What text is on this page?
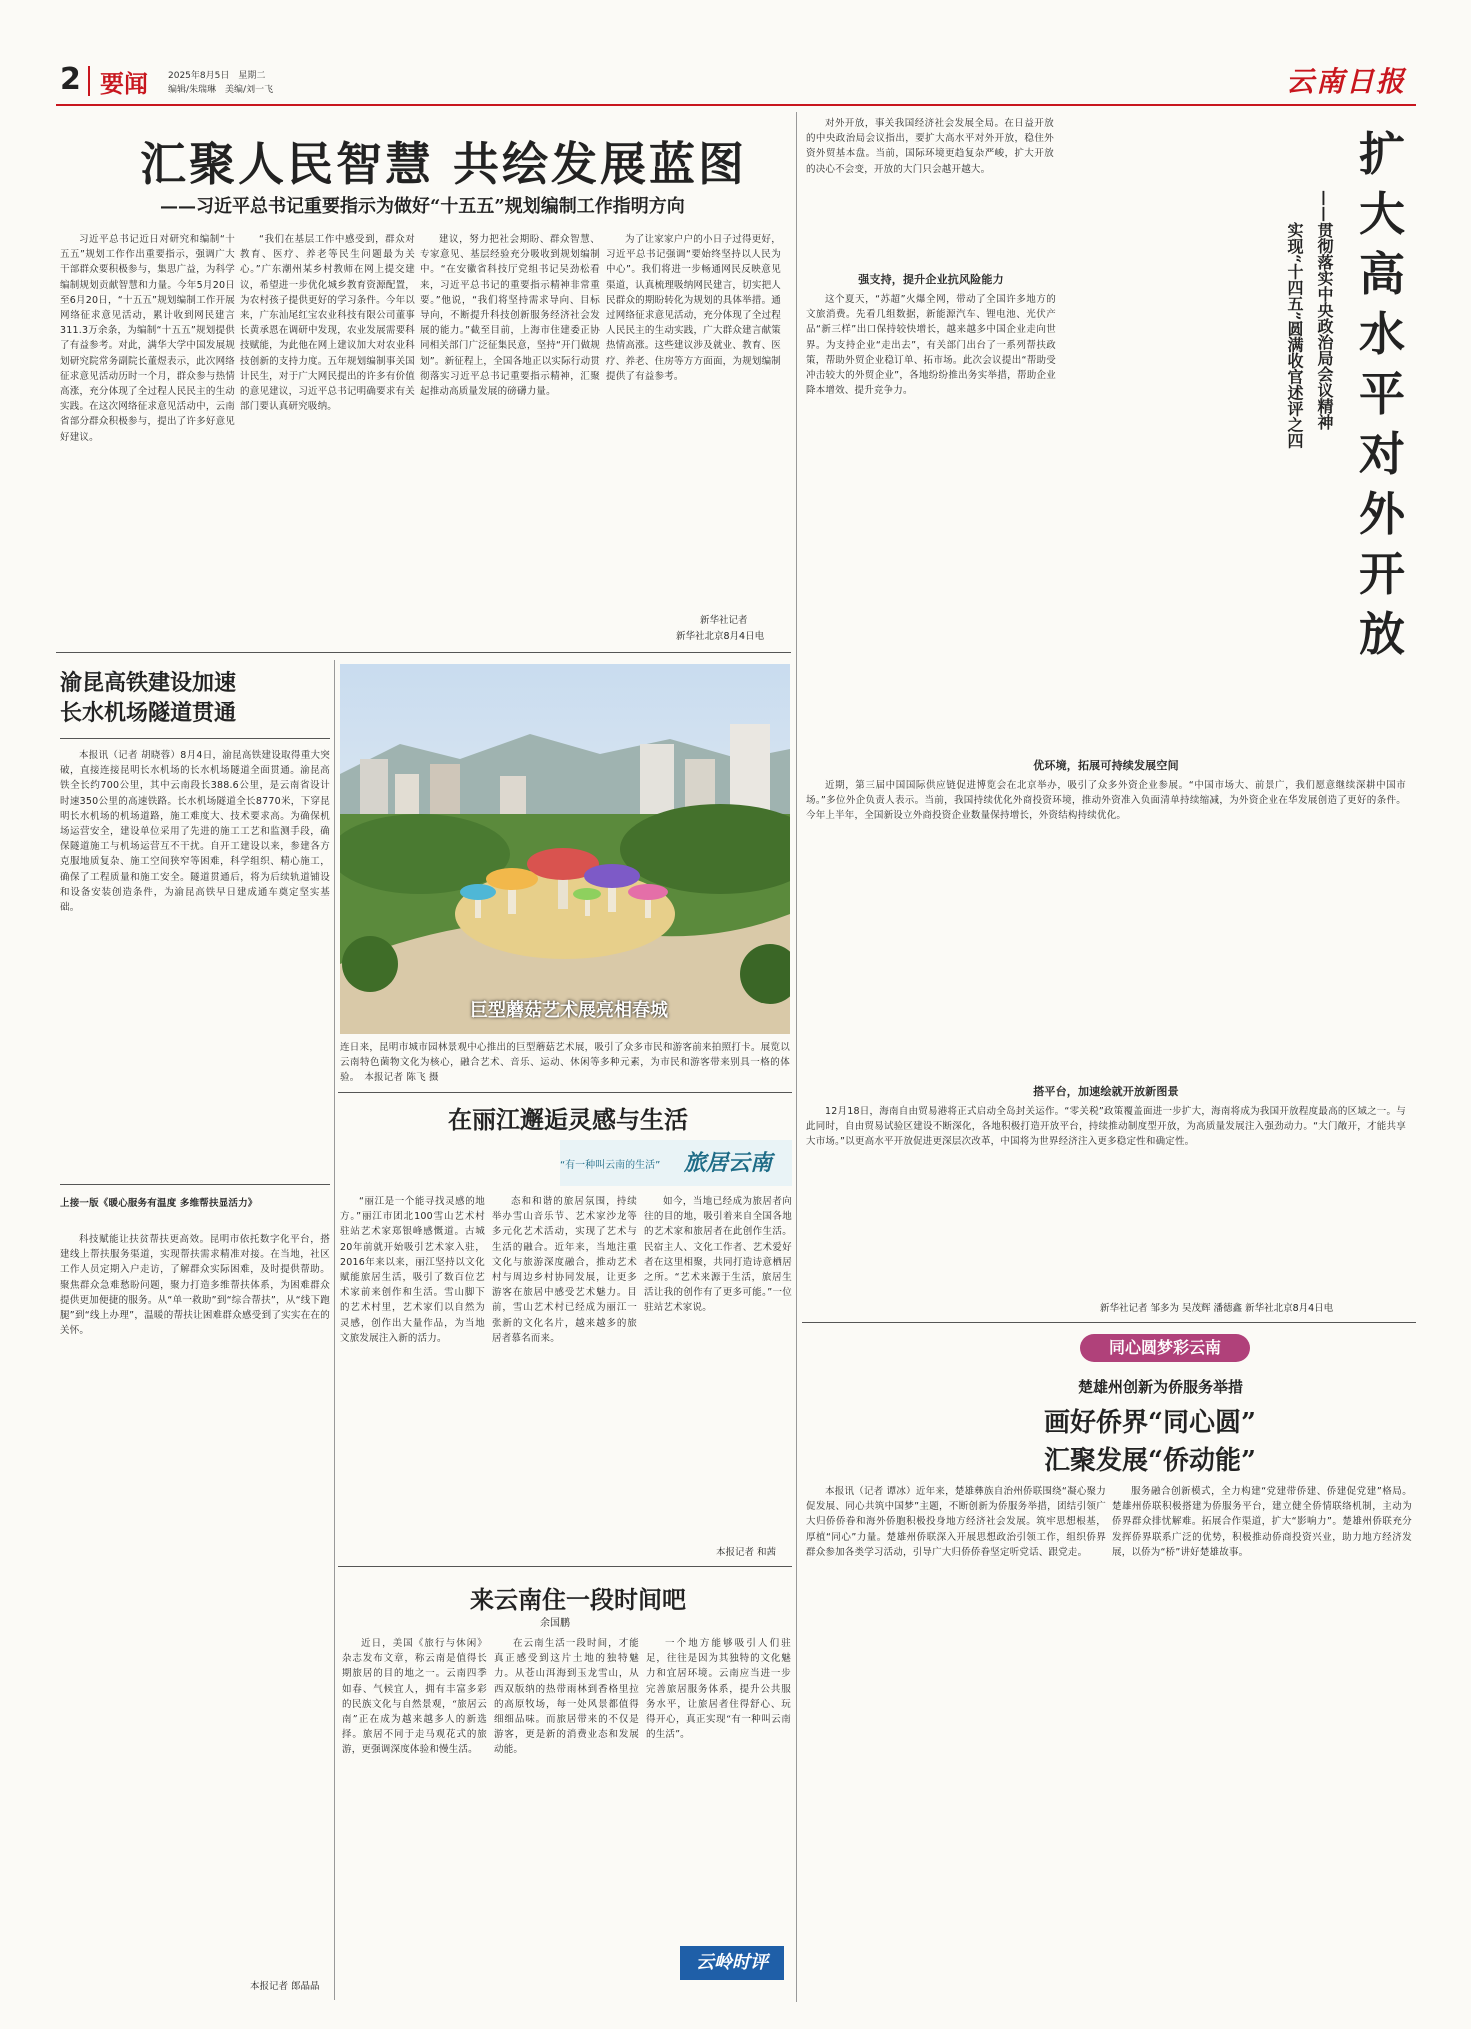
2 要闻 2025年8月5日　星期二
编辑/朱瑞琳　美编/刘一飞	云南日报
汇聚人民智慧 共绘发展蓝图
——习近平总书记重要指示为做好“十五五”规划编制工作指明方向

习近平总书记近日对研究和编制“十五五”规划工作作出重要指示，强调广大干部群众要积极参与，集思广益，为科学编制规划贡献智慧和力量。今年5月20日至6月20日，“十五五”规划编制工作开展网络征求意见活动，累计收到网民建言311.3万余条，为编制“十五五”规划提供了有益参考。对此，满华大学中国发展规划研究院常务副院长董煜表示，此次网络征求意见活动历时一个月，群众参与热情高涨，充分体现了全过程人民民主的生动实践。在这次网络征求意见活动中，云南省部分群众积极参与，提出了许多好意见好建议。

“我们在基层工作中感受到，群众对教育、医疗、养老等民生问题最为关心。”广东潮州某乡村教师在网上提交建议，希望进一步优化城乡教育资源配置，为农村孩子提供更好的学习条件。今年以来，广东汕尾红宝农业科技有限公司董事长黄承恩在调研中发现，农业发展需要科技赋能，为此他在网上建议加大对农业科技创新的支持力度。五年规划编制事关国计民生，对于广大网民提出的许多有价值的意见建议，习近平总书记明确要求有关部门要认真研究吸纳。

建议，努力把社会期盼、群众智慧、专家意见、基层经验充分吸收到规划编制中。“在安徽省科技厅党组书记吴劲松看来，习近平总书记的重要指示精神非常重要。”他说，“我们将坚持需求导向、目标导向，不断提升科技创新服务经济社会发展的能力。”截至目前，上海市住建委正协同相关部门广泛征集民意，坚持“开门做规划”。新征程上，全国各地正以实际行动贯彻落实习近平总书记重要指示精神，汇聚起推动高质量发展的磅礴力量。

为了让家家户户的小日子过得更好，习近平总书记强调“要始终坚持以人民为中心”。我们将进一步畅通网民反映意见渠道，认真梳理吸纳网民建言，切实把人民群众的期盼转化为规划的具体举措。通过网络征求意见活动，充分体现了全过程人民民主的生动实践，广大群众建言献策热情高涨。这些建议涉及就业、教育、医疗、养老、住房等方方面面，为规划编制提供了有益参考。

新华社记者
新华社北京8月4日电
渝昆高铁建设加速
长水机场隧道贯通

本报讯（记者 胡晓蓉）8月4日，渝昆高铁建设取得重大突破，直接连接昆明长水机场的长水机场隧道全面贯通。渝昆高铁全长约700公里，其中云南段长388.6公里，是云南省设计时速350公里的高速铁路。长水机场隧道全长8770米，下穿昆明长水机场的机场道路，施工难度大、技术要求高。为确保机场运营安全，建设单位采用了先进的施工工艺和监测手段，确保隧道施工与机场运营互不干扰。自开工建设以来，参建各方克服地质复杂、施工空间狭窄等困难，科学组织、精心施工，确保了工程质量和施工安全。隧道贯通后，将为后续轨道铺设和设备安装创造条件，为渝昆高铁早日建成通车奠定坚实基础。

上接一版《暖心服务有温度 多维帮扶显活力》

科技赋能让扶贫帮扶更高效。昆明市依托数字化平台，搭建线上帮扶服务渠道，实现帮扶需求精准对接。在当地，社区工作人员定期入户走访，了解群众实际困难，及时提供帮助。聚焦群众急难愁盼问题，聚力打造多维帮扶体系，为困难群众提供更加便捷的服务。从“单一救助”到“综合帮扶”，从“线下跑腿”到“线上办理”，温暖的帮扶让困难群众感受到了实实在在的关怀。

本报记者 郎晶晶
巨型蘑菇艺术展亮相春城
连日来，昆明市城市园林景观中心推出的巨型蘑菇艺术展，吸引了众多市民和游客前来拍照打卡。展览以云南特色菌物文化为核心，融合艺术、音乐、运动、休闲等多种元素，为市民和游客带来别具一格的体验。　 本报记者 陈飞 摄
在丽江邂逅灵感与生活
“有一种叫云南的生活” 旅居云南

“丽江是一个能寻找灵感的地方。”丽江市团北100雪山艺术村驻站艺术家郑银峰感慨道。古城20年前就开始吸引艺术家入驻，2016年来以来，丽江坚持以文化赋能旅居生活，吸引了数百位艺术家前来创作和生活。雪山脚下的艺术村里，艺术家们以自然为灵感，创作出大量作品，为当地文旅发展注入新的活力。

态和和谐的旅居氛围，持续举办雪山音乐节、艺术家沙龙等多元化艺术活动，实现了艺术与生活的融合。近年来，当地注重文化与旅游深度融合，推动艺术村与周边乡村协同发展，让更多游客在旅居中感受艺术魅力。目前，雪山艺术村已经成为丽江一张新的文化名片，越来越多的旅居者慕名而来。

如今，当地已经成为旅居者向往的目的地，吸引着来自全国各地的艺术家和旅居者在此创作生活。民宿主人、文化工作者、艺术爱好者在这里相聚，共同打造诗意栖居之所。“艺术来源于生活，旅居生活让我的创作有了更多可能。”一位驻站艺术家说。

本报记者 和茜
来云南住一段时间吧
余国鹏

近日，美国《旅行与休闲》杂志发布文章，称云南是值得长期旅居的目的地之一。云南四季如春、气候宜人，拥有丰富多彩的民族文化与自然景观，“旅居云南”正在成为越来越多人的新选择。旅居不同于走马观花式的旅游，更强调深度体验和慢生活。

在云南生活一段时间，才能真正感受到这片土地的独特魅力。从苍山洱海到玉龙雪山，从西双版纳的热带雨林到香格里拉的高原牧场，每一处风景都值得细细品味。而旅居带来的不仅是游客，更是新的消费业态和发展动能。

一个地方能够吸引人们驻足，往往是因为其独特的文化魅力和宜居环境。云南应当进一步完善旅居服务体系，提升公共服务水平，让旅居者住得舒心、玩得开心，真正实现“有一种叫云南的生活”。

云岭时评

对外开放，事关我国经济社会发展全局。在日益开放的中央政治局会议指出，要扩大高水平对外开放，稳住外资外贸基本盘。当前，国际环境更趋复杂严峻，扩大开放的决心不会变，开放的大门只会越开越大。	扩
大
高
水
平
对
外
开
放
——贯彻落实中央政治局会议精神
实现“十四五”圆满收官述评之四
强支持，提升企业抗风险能力

这个夏天，“苏超”火爆全网，带动了全国许多地方的文旅消费。先看几组数据，新能源汽车、锂电池、光伏产品“新三样”出口保持较快增长，越来越多中国企业走向世界。为支持企业“走出去”，有关部门出台了一系列帮扶政策，帮助外贸企业稳订单、拓市场。此次会议提出“帮助受冲击较大的外贸企业”，各地纷纷推出务实举措，帮助企业降本增效、提升竞争力。

优环境，拓展可持续发展空间

近期，第三届中国国际供应链促进博览会在北京举办，吸引了众多外资企业参展。“中国市场大、前景广，我们愿意继续深耕中国市场。”多位外企负责人表示。当前，我国持续优化外商投资环境，推动外资准入负面清单持续缩减，为外资企业在华发展创造了更好的条件。今年上半年，全国新设立外商投资企业数量保持增长，外资结构持续优化。

搭平台，加速绘就开放新图景

12月18日，海南自由贸易港将正式启动全岛封关运作。“零关税”政策覆盖面进一步扩大，海南将成为我国开放程度最高的区域之一。与此同时，自由贸易试验区建设不断深化，各地积极打造开放平台，持续推动制度型开放，为高质量发展注入强劲动力。“大门敞开，才能共享大市场。”以更高水平开放促进更深层次改革，中国将为世界经济注入更多稳定性和确定性。

新华社记者 邹多为 吴茂辉 潘德鑫 新华社北京8月4日电
同心圆梦彩云南
楚雄州创新为侨服务举措
画好侨界“同心圆”
汇聚发展“侨动能”

本报讯（记者 谭冰）近年来，楚雄彝族自治州侨联围绕“凝心聚力促发展、同心共筑中国梦”主题，不断创新为侨服务举措，团结引领广大归侨侨眷和海外侨胞积极投身地方经济社会发展。筑牢思想根基，厚植“同心”力量。楚雄州侨联深入开展思想政治引领工作，组织侨界群众参加各类学习活动，引导广大归侨侨眷坚定听党话、跟党走。

服务融合创新模式，全力构建“党建带侨建、侨建促党建”格局。楚雄州侨联积极搭建为侨服务平台，建立健全侨情联络机制，主动为侨界群众排忧解难。拓展合作渠道，扩大“影响力”。楚雄州侨联充分发挥侨界联系广泛的优势，积极推动侨商投资兴业，助力地方经济发展，以侨为“桥”讲好楚雄故事。
